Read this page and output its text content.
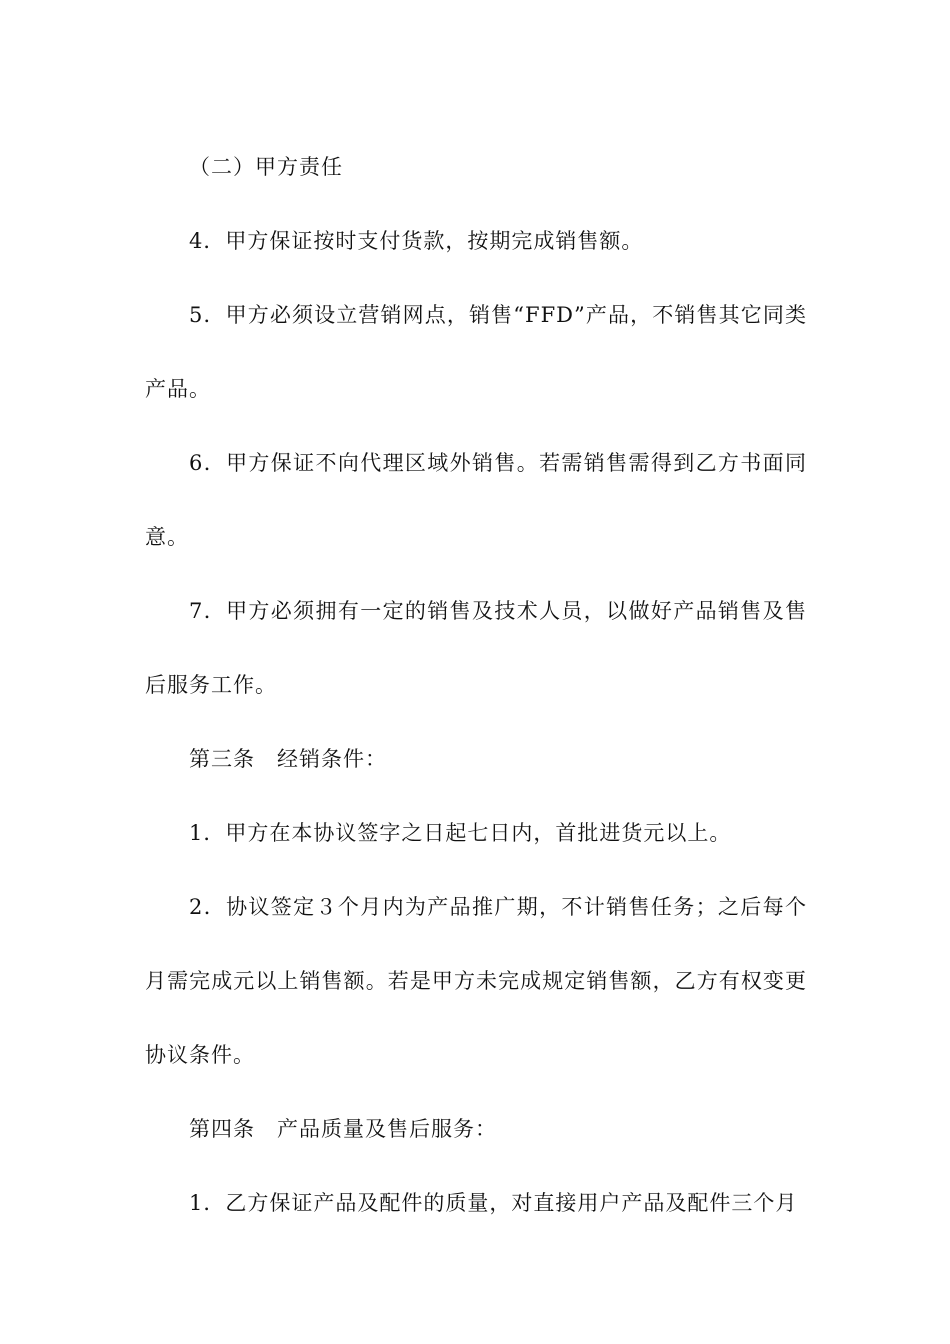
（二）甲方责任

4．甲方保证按时支付货款，按期完成销售额。

5．甲方必须设立营销网点，销售“FFD”产品，不销售其它同类产品。

6．甲方保证不向代理区域外销售。若需销售需得到乙方书面同意。

7．甲方必须拥有一定的销售及技术人员，以做好产品销售及售后服务工作。

第三条　经销条件：

1．甲方在本协议签字之日起七日内，首批进货元以上。

2．协议签定３个月内为产品推广期，不计销售任务；之后每个月需完成元以上销售额。若是甲方未完成规定销售额，乙方有权变更协议条件。

第四条　产品质量及售后服务：

1．乙方保证产品及配件的质量，对直接用户产品及配件三个月
